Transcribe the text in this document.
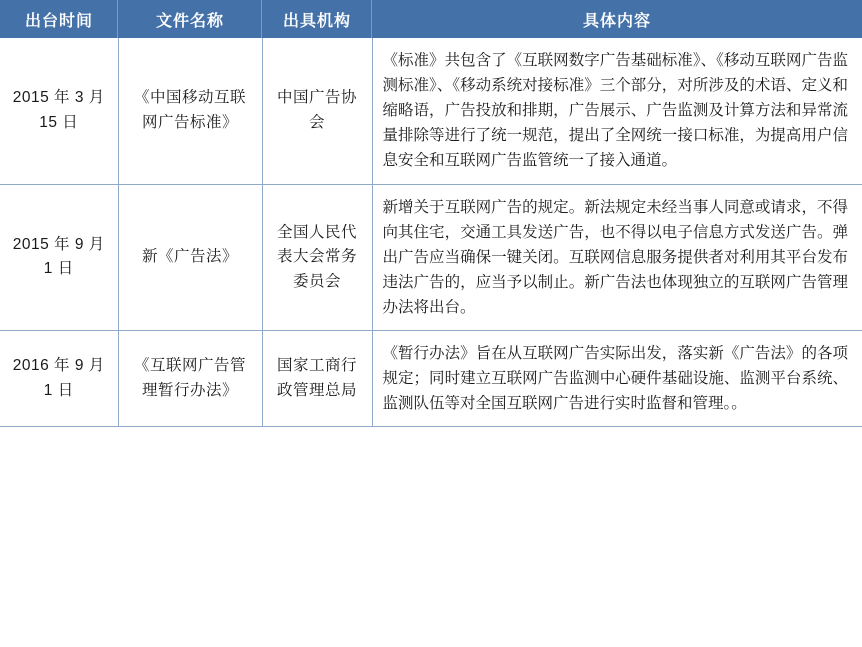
出台时间	文件名称	出具机构	具体内容
2015 年 3 月 15 日	《中国移动互联网广告标准》	中国广告协会	《标准》共包含了《互联网数字广告基础标准》、《移动互联网广告监测标准》、《移动系统对接标准》三个部分，对所涉及的术语、定义和缩略语，广告投放和排期，广告展示、广告监测及计算方法和异常流量排除等进行了统一规范，提出了全网统一接口标准，为提高用户信息安全和互联网广告监管统一了接入通道。
2015 年 9 月 1 日	新《广告法》	全国人民代表大会常务委员会	新增关于互联网广告的规定。新法规定未经当事人同意或请求，不得向其住宅，交通工具发送广告，也不得以电子信息方式发送广告。弹出广告应当确保一键关闭。互联网信息服务提供者对利用其平台发布违法广告的，应当予以制止。新广告法也体现独立的互联网广告管理办法将出台。
2016 年 9 月 1 日	《互联网广告管理暂行办法》	国家工商行政管理总局	《暂行办法》旨在从互联网广告实际出发，落实新《广告法》的各项规定；同时建立互联网广告监测中心硬件基础设施、监测平台系统、监测队伍等对全国互联网广告进行实时监督和管理。。
